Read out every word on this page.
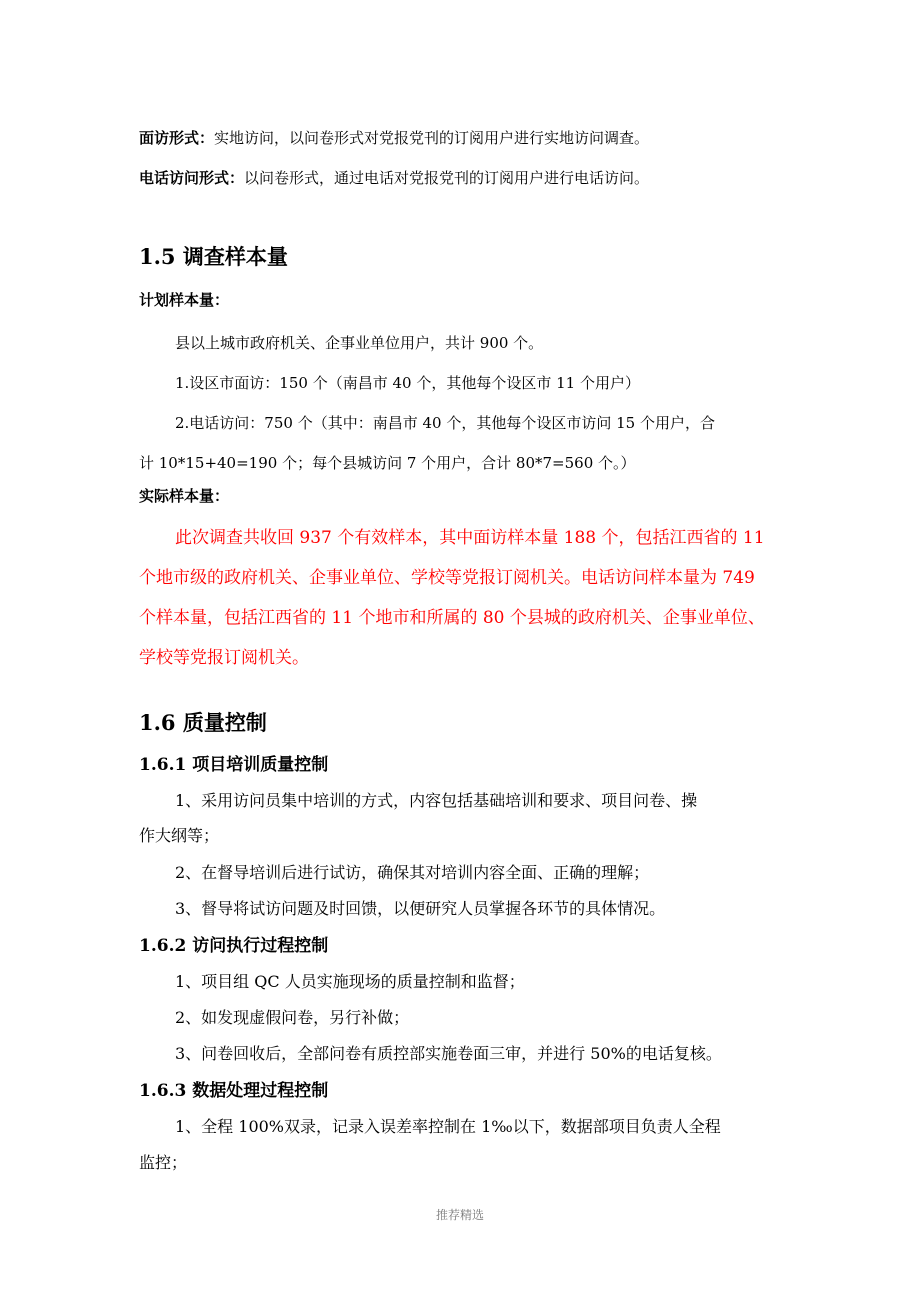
面访形式：实地访问，以问卷形式对党报党刊的订阅用户进行实地访问调查。
电话访问形式：以问卷形式，通过电话对党报党刊的订阅用户进行电话访问。
1.5 调查样本量
计划样本量：
县以上城市政府机关、企事业单位用户，共计 900 个。
1.设区市面访：150 个（南昌市 40 个，其他每个设区市 11 个用户）
2.电话访问：750 个（其中：南昌市 40 个，其他每个设区市访问 15 个用户，合
计 10*15+40=190 个；每个县城访问 7 个用户，合计 80*7=560 个。）
实际样本量：
此次调查共收回 937 个有效样本，其中面访样本量 188 个，包括江西省的 11
个地市级的政府机关、企事业单位、学校等党报订阅机关。电话访问样本量为 749
个样本量，包括江西省的 11 个地市和所属的 80 个县城的政府机关、企事业单位、
学校等党报订阅机关。
1.6 质量控制
1.6.1 项目培训质量控制
1、采用访问员集中培训的方式，内容包括基础培训和要求、项目问卷、操
作大纲等；
2、在督导培训后进行试访，确保其对培训内容全面、正确的理解；
3、督导将试访问题及时回馈，以便研究人员掌握各环节的具体情况。
1.6.2 访问执行过程控制
1、项目组 QC 人员实施现场的质量控制和监督；
2、如发现虚假问卷，另行补做；
3、问卷回收后，全部问卷有质控部实施卷面三审，并进行 50%的电话复核。
1.6.3 数据处理过程控制
1、全程 100%双录，记录入误差率控制在 1‰以下，数据部项目负责人全程
监控；
推荐精选
